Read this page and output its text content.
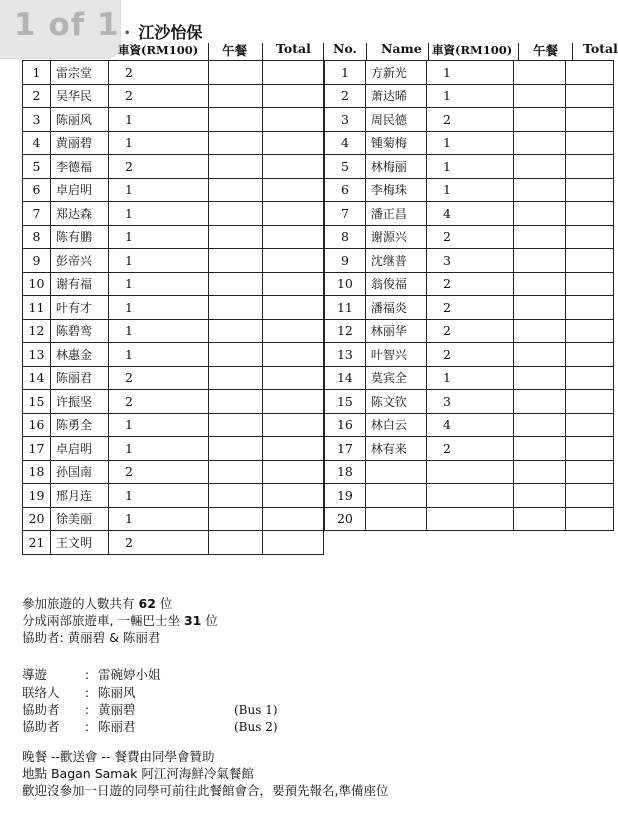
1 of 1 • 江沙怡保
車資(RM100) 午餐 Total No. Name 車資(RM100) 午餐 Total
1	雷宗堂	2		
2	吴华民	2		
3	陈丽风	1		
4	黄丽碧	1		
5	李德福	2		
6	卓启明	1		
7	郑达森	1		
8	陈有鹏	1		
9	彭帝兴	1		
10	谢有福	1		
11	叶有才	1		
12	陈碧鸾	1		
13	林惠金	1		
14	陈丽君	2		
15	许振坚	2		
16	陈勇全	1		
17	卓启明	1		
18	孙国南	2		
19	邢月连	1		
20	徐美丽	1		
21	王文明	2		
1	方新光	1		
2	萧达晞	1		
3	周民德	2		
4	锺菊梅	1		
5	林梅丽	1		
6	李梅珠	1		
7	潘正昌	4		
8	谢源兴	2		
9	沈继普	3		
10	翁俊福	2		
11	潘福炎	2		
12	林丽华	2		
13	叶智兴	2		
14	莫宾全	1		
15	陈文钦	3		
16	林白云	4		
17	林有来	2		
18				
19				
20				
參加旅遊的人數共有 62 位
分成兩部旅遊車, 一輛巴士坐 31 位
協助者: 黄丽碧 & 陈丽君
導遊	: 雷碗婷小姐
联络人 : 陈丽风
協助者 : 黄丽碧	(Bus 1)
協助者 : 陈丽君	(Bus 2)
晚餐 --歡送會 -- 餐費由同學會贊助
地點 Bagan Samak 阿江河海鮮冷氣餐館
歡迎沒參加一日遊的同學可前往此餐館會合，要預先報名,準備座位
